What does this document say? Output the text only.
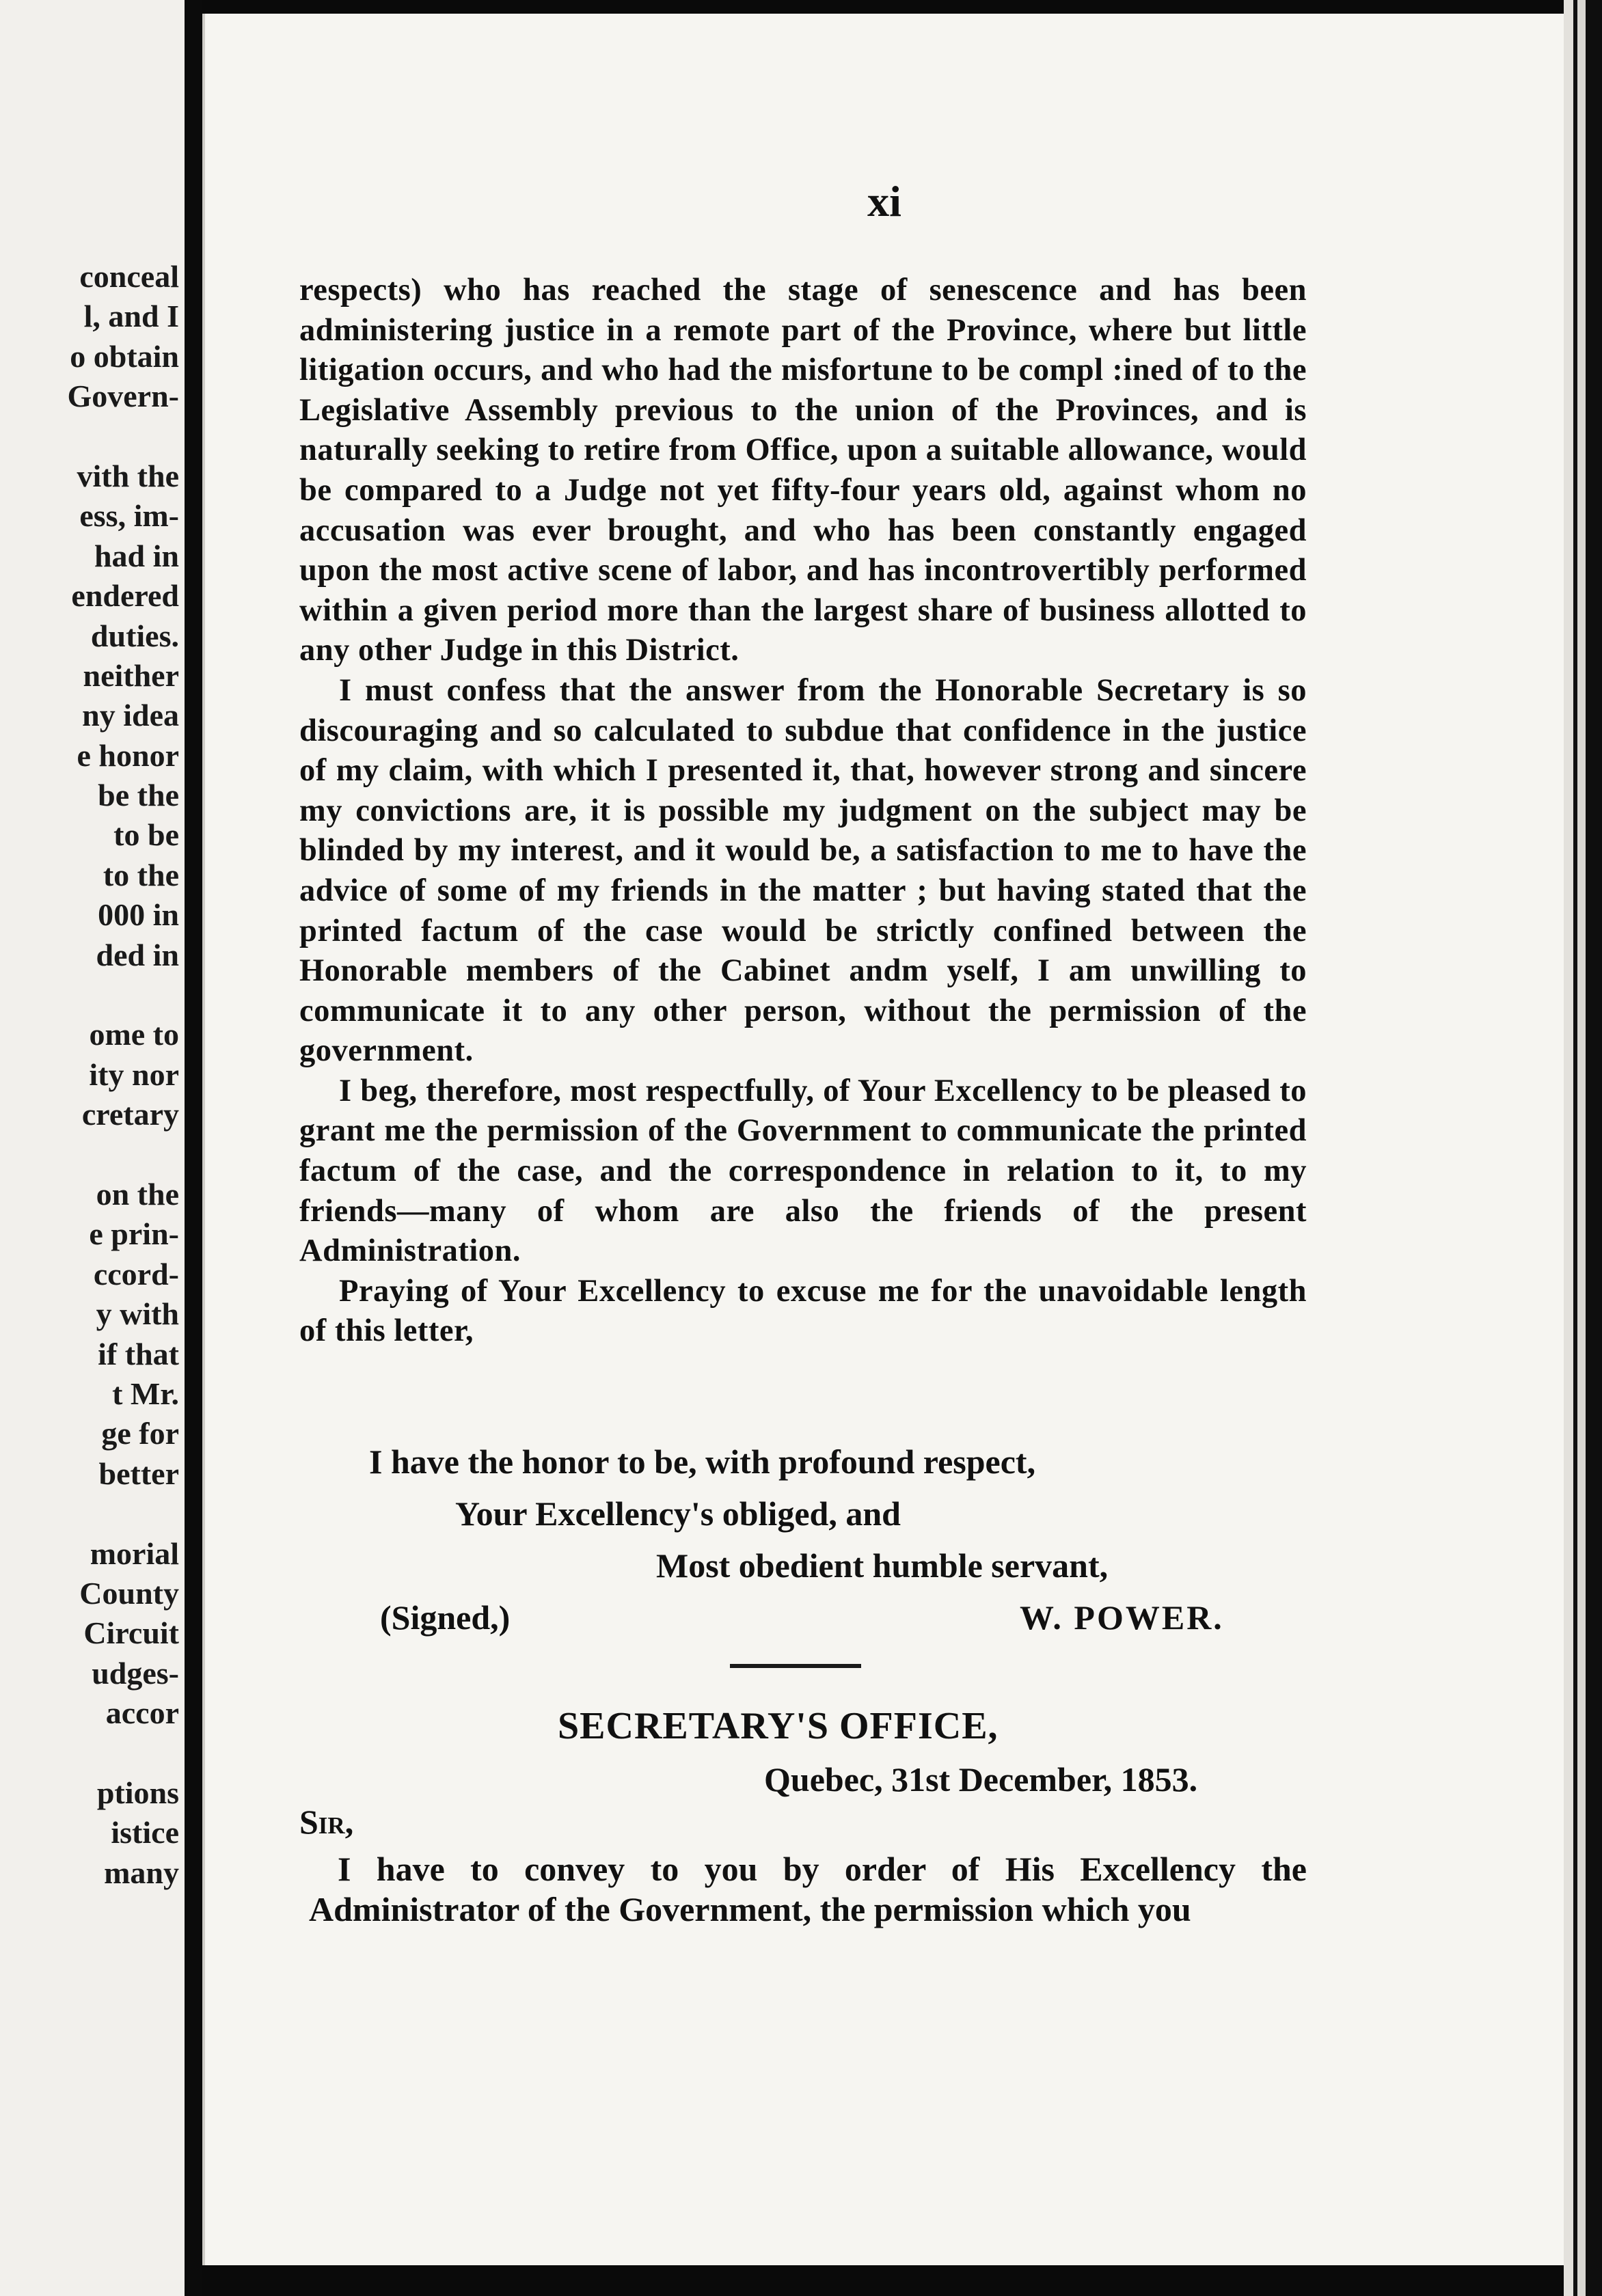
conceal
l, and I
o obtain
Govern-
vith the
ess, im-
had in
endered
duties.
neither
ny idea
e honor
be the
to be
to the
000 in
ded in
ome to
ity nor
cretary
on the
e prin-
ccord-
y with
if that
t Mr.
ge for
better
morial
County
Circuit
udges-
accor
ptions
istice
many
xi

respects) who has reached the stage of senescence and has been administering justice in a remote part of the Province, where but little litigation occurs, and who had the misfortune to be compl :ined of to the Legislative Assembly previous to the union of the Provinces, and is naturally seeking to retire from Office, upon a suitable allowance, would be compared to a Judge not yet fifty-four years old, against whom no accusation was ever brought, and who has been constantly engaged upon the most active scene of labor, and has incontrovertibly performed within a given period more than the largest share of business allotted to any other Judge in this District.

I must confess that the answer from the Honorable Secretary is so discouraging and so calculated to subdue that confidence in the justice of my claim, with which I presented it, that, however strong and sincere my convictions are, it is possible my judgment on the subject may be blinded by my interest, and it would be, a satisfaction to me to have the advice of some of my friends in the matter ; but having stated that the printed factum of the case would be strictly confined between the Honorable members of the Cabinet andm yself, I am unwilling to communicate it to any other person, without the permission of the government.

I beg, therefore, most respectfully, of Your Excellency to be pleased to grant me the permission of the Government to communicate the printed factum of the case, and the correspondence in relation to it, to my friends—many of whom are also the friends of the present Administration.

Praying of Your Excellency to excuse me for the unavoidable length of this letter,

I have the honor to be, with profound respect,
Your Excellency's obliged, and
Most obedient humble servant,
(Signed,)	W. POWER.
SECRETARY'S OFFICE,
Quebec, 31st December, 1853.
Sir,

I have to convey to you by order of His Excellency the Administrator of the Government, the permission which you
